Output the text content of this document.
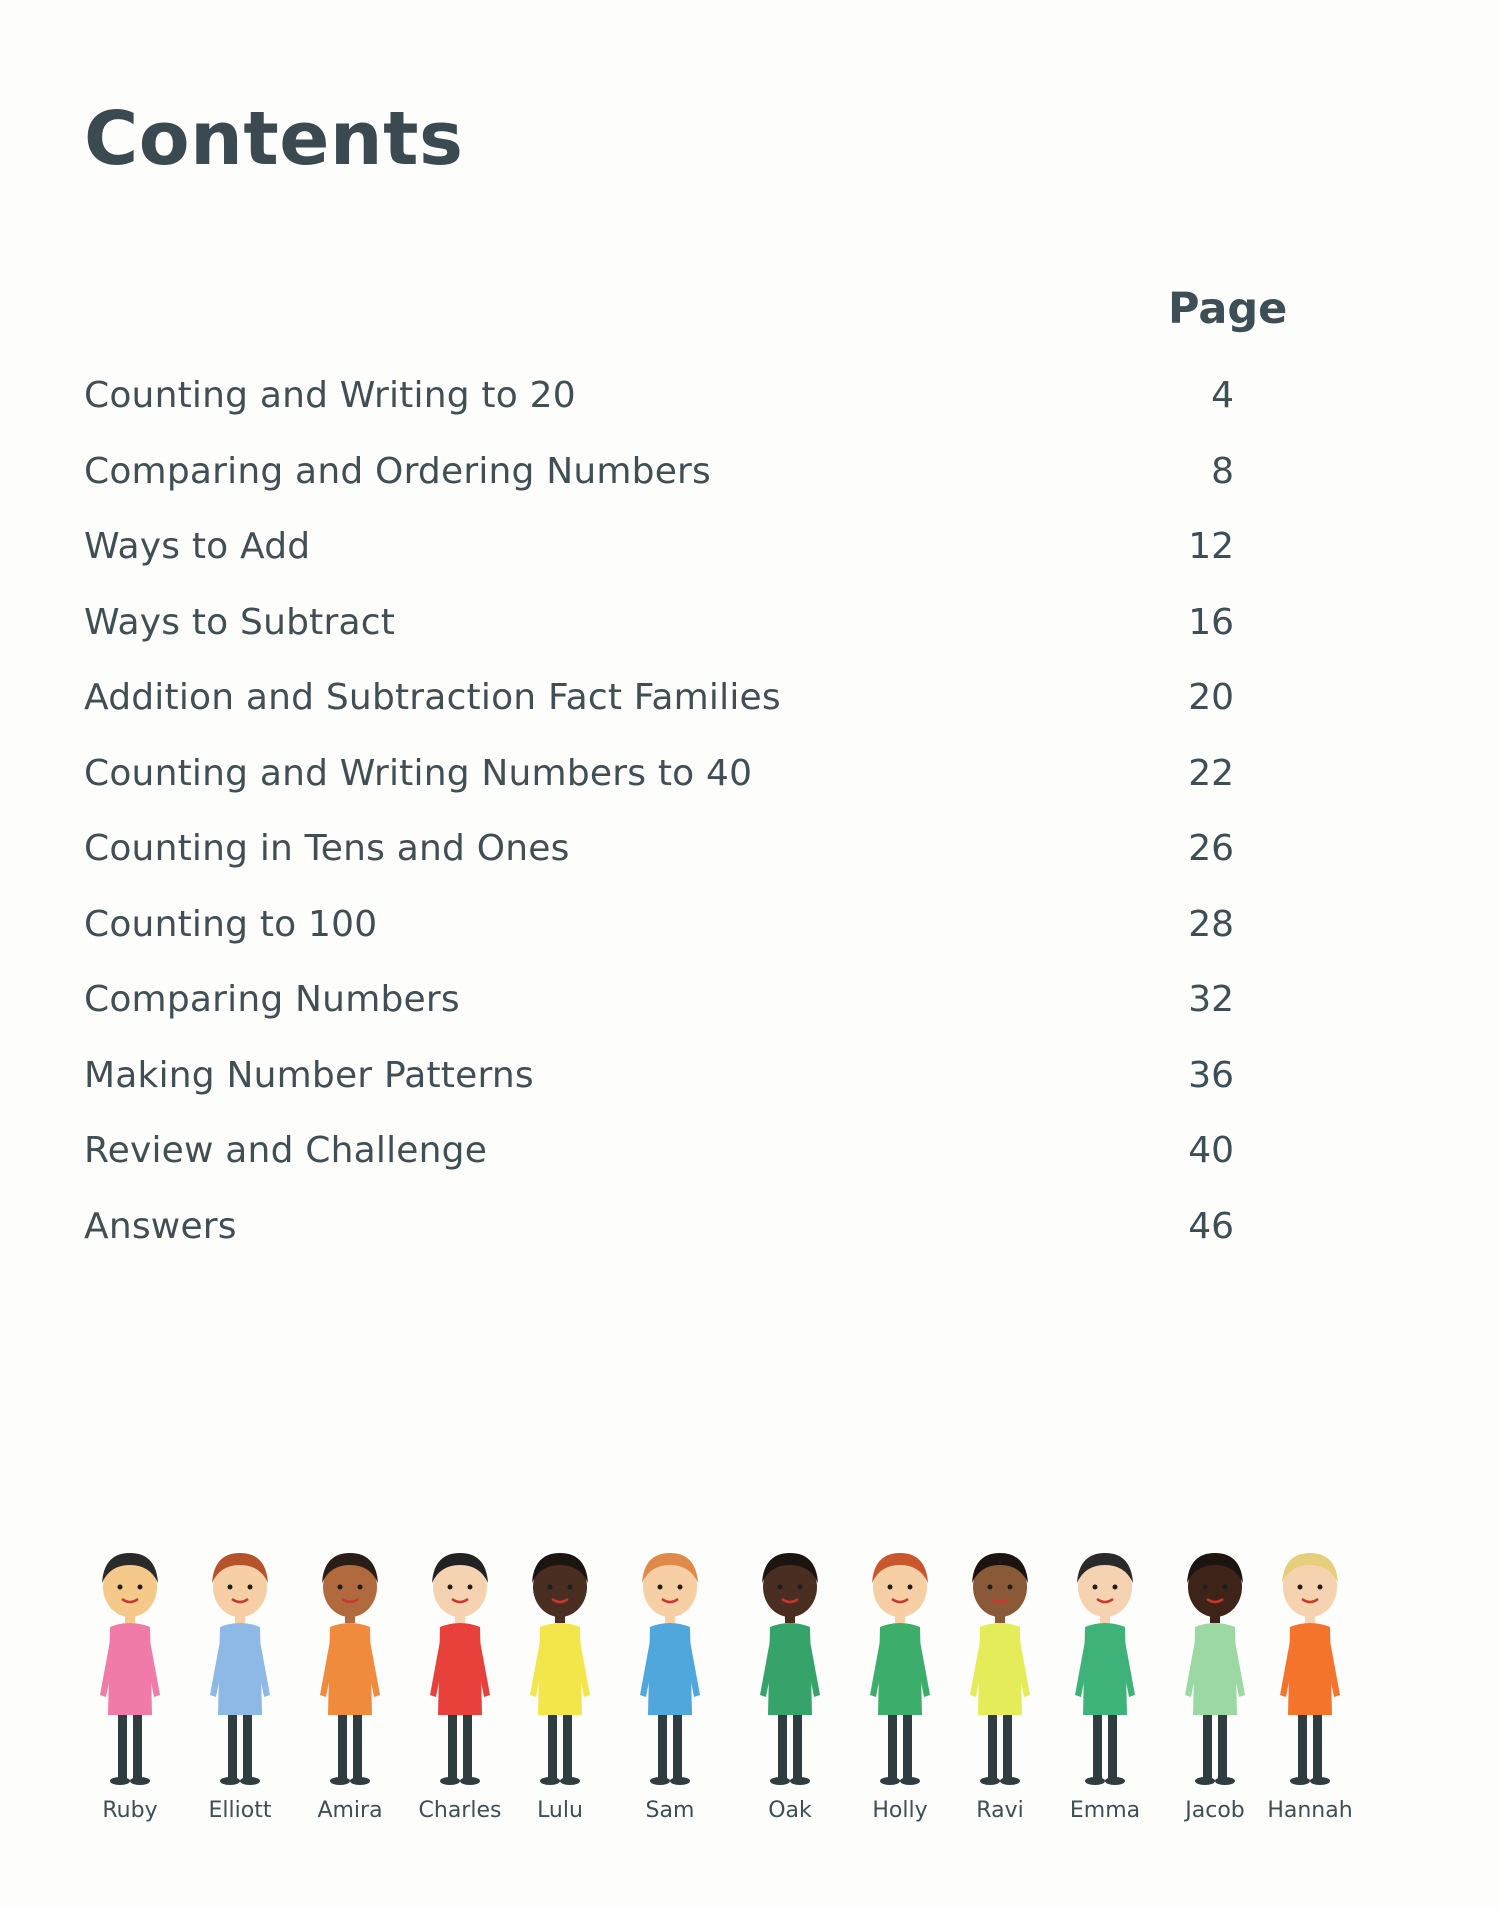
Contents
Page
Counting and Writing to 20	4
Comparing and Ordering Numbers	8
Ways to Add	12
Ways to Subtract	16
Addition and Subtraction Fact Families	20
Counting and Writing Numbers to 40	22
Counting in Tens and Ones	26
Counting to 100	28
Comparing Numbers	32
Making Number Patterns	36
Review and Challenge	40
Answers	46
Ruby	Elliott	Amira	Charles	Lulu	Sam	Oak	Holly	Ravi	Emma	Jacob	Hannah
